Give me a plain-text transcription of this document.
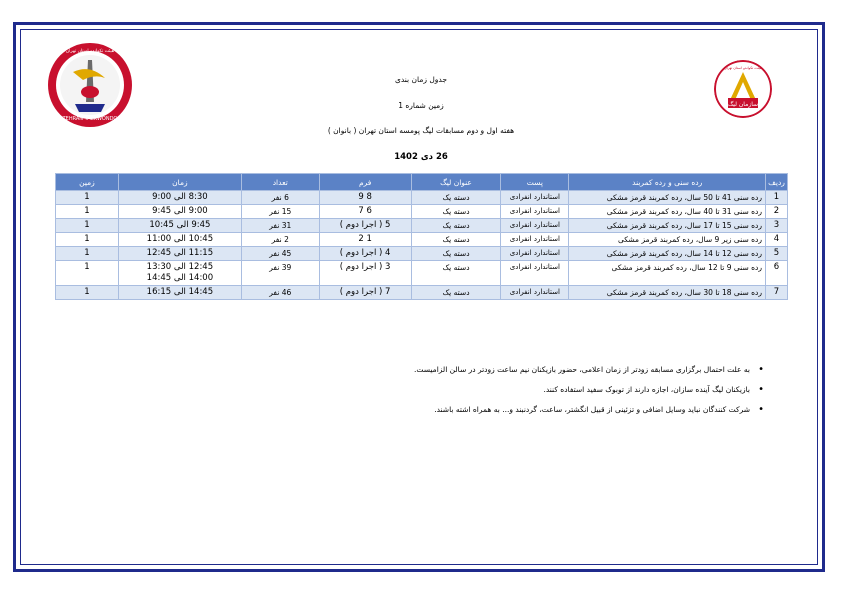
TEHRAN TAEKWONDO
هیئت تکواندو استان تهران
سازمان لیگ
هیئت تکواندو استان تهران
جدول زمان بندی
زمین شماره 1
هفته اول و دوم مسابقات لیگ پومسه استان تهران ( بانوان )
26 دی 1402
ردیف	رده سنی و رده کمربند	پست	عنوان لیگ	فرم	تعداد	زمان	زمین
1	رده سنی 41 تا 50 سال، رده کمربند قرمز مشکی	استاندارد انفرادی	دسته یک	8 9	6 نفر	8:30 الی 9:00	1
2	رده سنی 31 تا 40 سال، رده کمربند قرمز مشکی	استاندارد انفرادی	دسته یک	6 7	15 نفر	9:00 الی 9:45	1
3	رده سنی 15 تا 17 سال، رده کمربند قرمز مشکی	استاندارد انفرادی	دسته یک	5 ( اجرا دوم )	31 نفر	9:45 الی 10:45	1
4	رده سنی زیر 9 سال، رده کمربند قرمز مشکی	استاندارد انفرادی	دسته یک	1 2	2 نفر	10:45 الی 11:00	1
5	رده سنی 12 تا 14 سال، رده کمربند قرمز مشکی	استاندارد انفرادی	دسته یک	4 ( اجرا دوم )	45 نفر	11:15 الی 12:45	1
6	رده سنی 9 تا 12 سال، رده کمربند قرمز مشکی	استاندارد انفرادی	دسته یک	3 ( اجرا دوم )	39 نفر	12:45 الی 13:30
14:00 الی 14:45	1
7	رده سنی 18 تا 30 سال، رده کمربند قرمز مشکی	استاندارد انفرادی	دسته یک	7 ( اجرا دوم )	46 نفر	14:45 الی 16:15	1
• به علت احتمال برگزاری مسابقه زودتر از زمان اعلامی، حضور بازیکنان نیم ساعت زودتر در سالن الزامیست.
• بازیکنان لیگ آینده سازان، اجازه دارند از توبوک سفید استفاده کنند.
• شرکت کنندگان نباید وسایل اضافی و تزئینی از قبیل انگشتر، ساعت، گردنبند و... به همراه اشته باشند.
